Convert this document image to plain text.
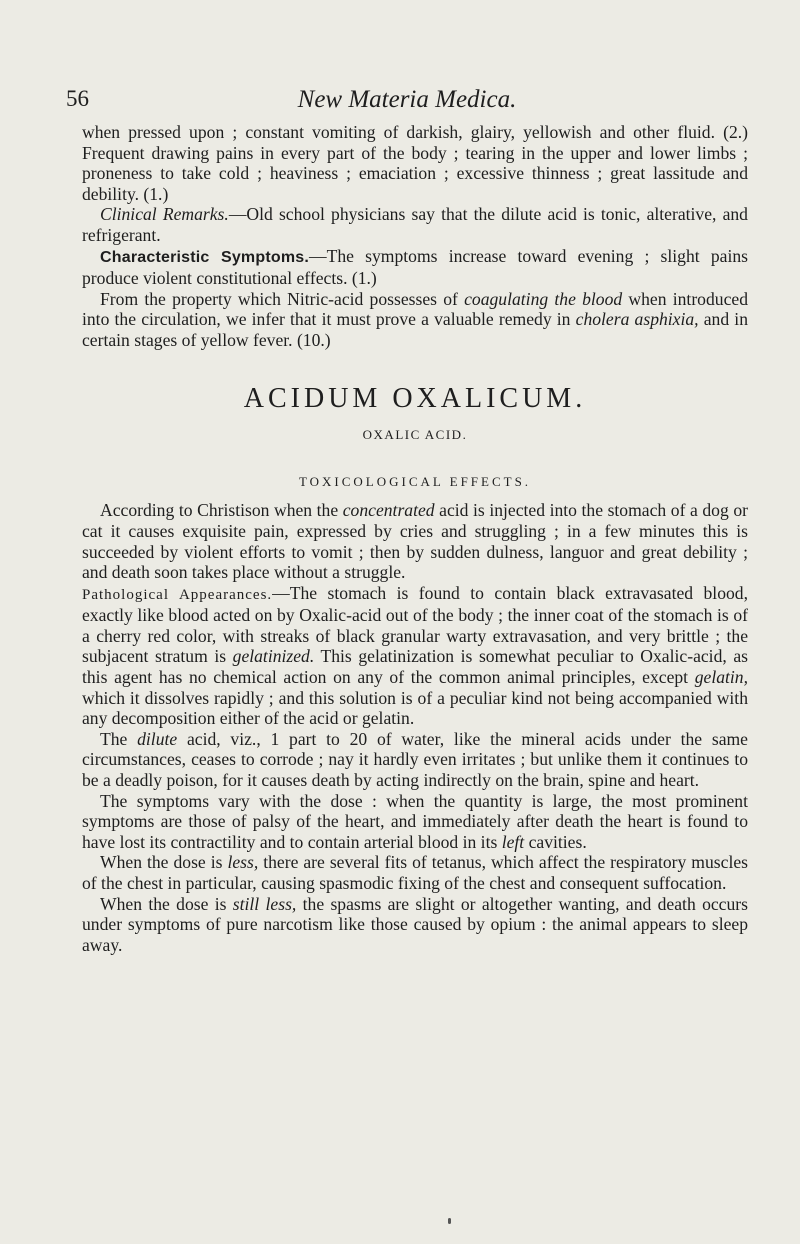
56	New Materia Medica.

when pressed upon ; constant vomiting of darkish, glairy, yellowish and other fluid. (2.) Frequent drawing pains in every part of the body ; tearing in the upper and lower limbs ; proneness to take cold ; heaviness ; emaciation ; excessive thinness ; great lassitude and debility. (1.)

Clinical Remarks.—Old school physicians say that the dilute acid is tonic, alterative, and refrigerant.

Characteristic Symptoms.—The symptoms increase toward evening ; slight pains produce violent constitutional effects. (1.)

From the property which Nitric-acid possesses of coagulating the blood when introduced into the circulation, we infer that it must prove a valuable remedy in cholera asphixia, and in certain stages of yellow fever. (10.)

ACIDUM OXALICUM.

OXALIC ACID.

TOXICOLOGICAL EFFECTS.

According to Christison when the concentrated acid is injected into the stomach of a dog or cat it causes exquisite pain, expressed by cries and struggling ; in a few minutes this is succeeded by violent efforts to vomit ; then by sudden dulness, languor and great debility ; and death soon takes place without a struggle.

Pathological Appearances.—The stomach is found to contain black extravasated blood, exactly like blood acted on by Oxalic-acid out of the body ; the inner coat of the stomach is of a cherry red color, with streaks of black granular warty extravasation, and very brittle ; the subjacent stratum is gelatinized. This gelatinization is somewhat peculiar to Oxalic-acid, as this agent has no chemical action on any of the common animal principles, except gelatin, which it dissolves rapidly ; and this solution is of a peculiar kind not being accompanied with any decomposition either of the acid or gelatin.

The dilute acid, viz., 1 part to 20 of water, like the mineral acids under the same circumstances, ceases to corrode ; nay it hardly even irritates ; but unlike them it continues to be a deadly poison, for it causes death by acting indirectly on the brain, spine and heart.

The symptoms vary with the dose : when the quantity is large, the most prominent symptoms are those of palsy of the heart, and immediately after death the heart is found to have lost its contractility and to contain arterial blood in its left cavities.

When the dose is less, there are several fits of tetanus, which affect the respiratory muscles of the chest in particular, causing spasmodic fixing of the chest and consequent suffocation.

When the dose is still less, the spasms are slight or altogether wanting, and death occurs under symptoms of pure narcotism like those caused by opium : the animal appears to sleep away.
